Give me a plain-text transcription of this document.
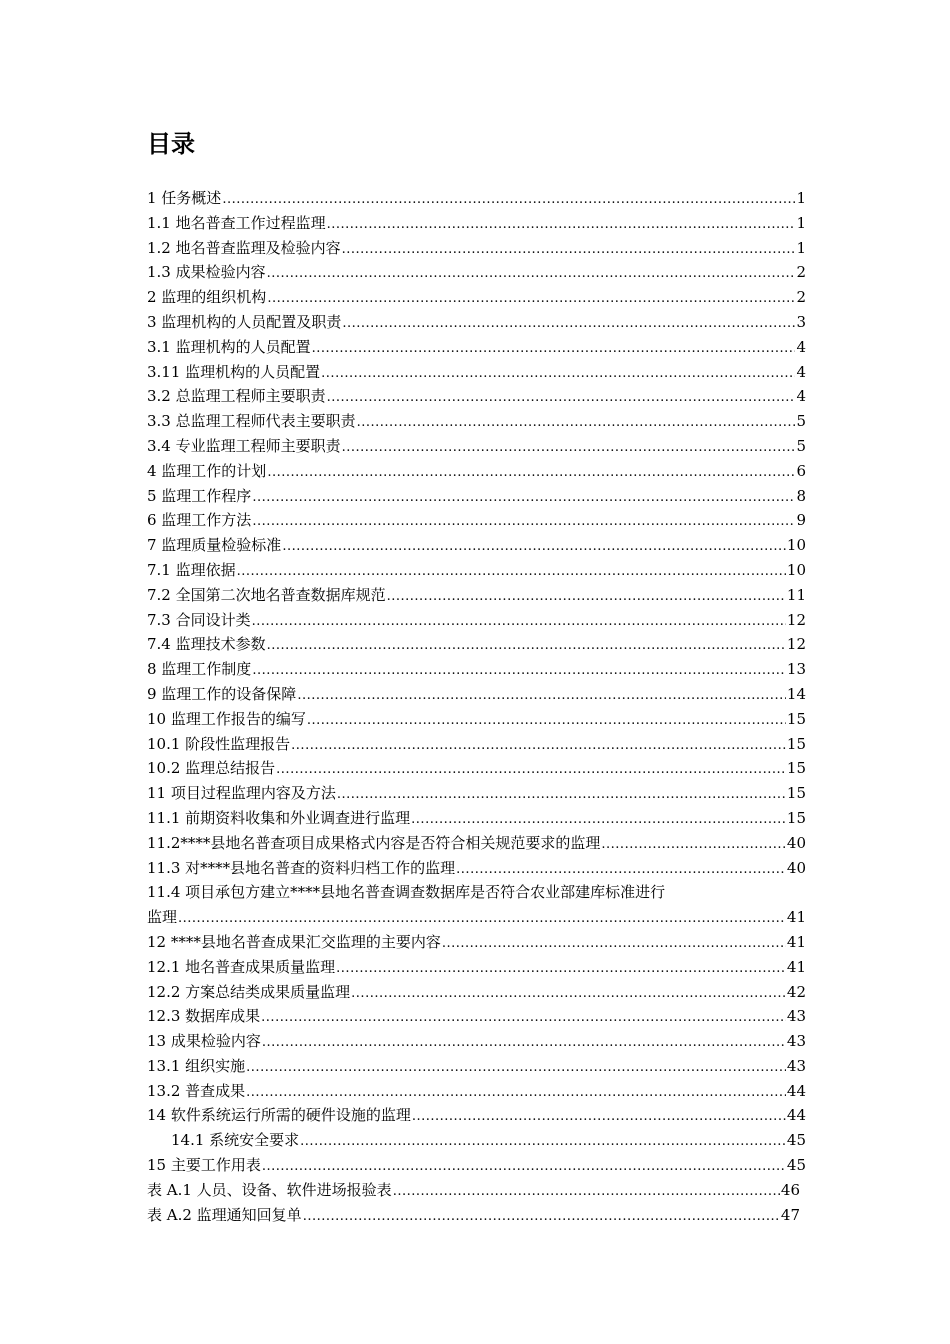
目录
1 任务概述 .....	1
1.1 地名普查工作过程监理 .....	1
1.2 地名普查监理及检验内容 .....	1
1.3 成果检验内容 .....	2
2 监理的组织机构 .....	2
3 监理机构的人员配置及职责 .....	3
3.1 监理机构的人员配置 .....	4
3.11 监理机构的人员配置 .....	4
3.2 总监理工程师主要职责 .....	4
3.3 总监理工程师代表主要职责 .....	5
3.4 专业监理工程师主要职责 .....	5
4 监理工作的计划 .....	6
5 监理工作程序 .....	8
6 监理工作方法 .....	9
7 监理质量检验标准 .....	10
7.1 监理依据 .....	10
7.2 全国第二次地名普查数据库规范 .....	11
7.3 合同设计类 .....	12
7.4 监理技术参数 .....	12
8 监理工作制度 .....	13
9 监理工作的设备保障 .....	14
10 监理工作报告的编写 .....	15
10.1 阶段性监理报告 .....	15
10.2 监理总结报告 .....	15
11 项目过程监理内容及方法 .....	15
11.1 前期资料收集和外业调查进行监理 .....	15
11.2****县地名普查项目成果格式内容是否符合相关规范要求的监理 .....	40
11.3 对****县地名普查的资料归档工作的监理 .....	40
11.4 项目承包方建立****县地名普查调查数据库是否符合农业部建库标准进行
监理 .....	41
12 ****县地名普查成果汇交监理的主要内容 .....	41
12.1 地名普查成果质量监理 .....	41
12.2 方案总结类成果质量监理 .....	42
12.3 数据库成果 .....	43
13 成果检验内容 .....	43
13.1 组织实施 .....	43
13.2 普查成果 .....	44
14 软件系统运行所需的硬件设施的监理 .....	44
14.1 系统安全要求 .....	45
15 主要工作用表 .....	45
表 A.1 人员、设备、软件进场报验表 .....	46
表 A.2 监理通知回复单 .....	47
